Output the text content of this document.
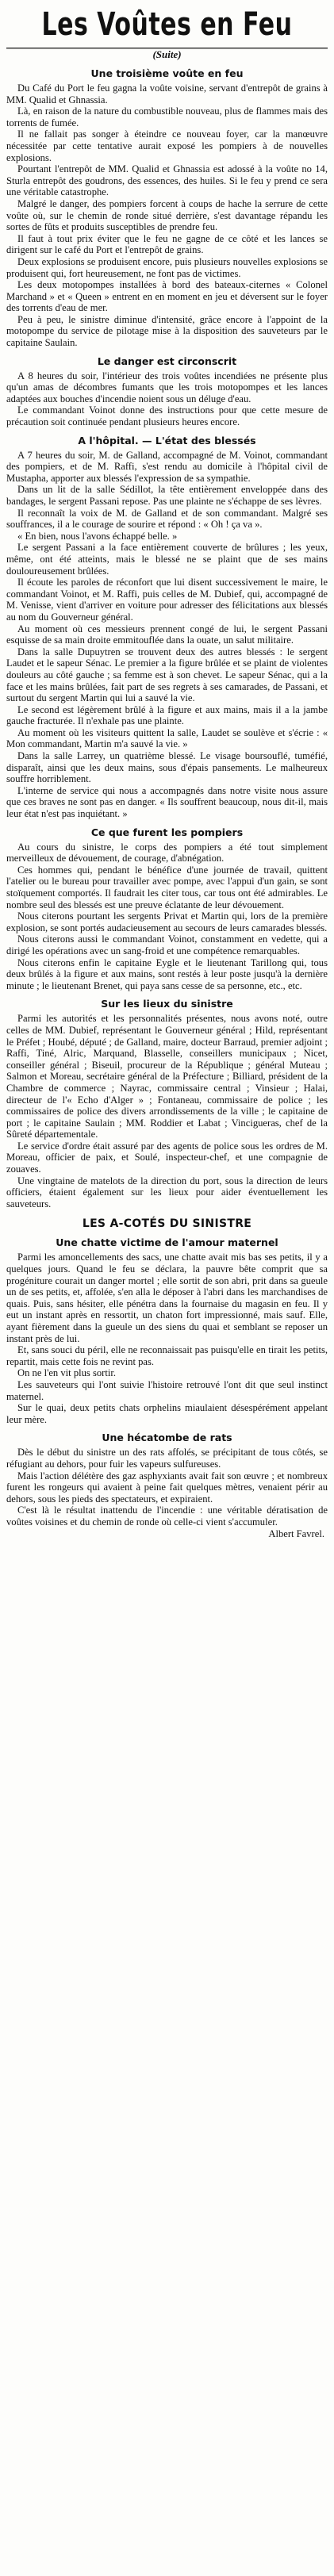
Les Voûtes en Feu
(Suite)
Une troisième voûte en feu

Du Café du Port le feu gagna la voûte voisine, servant d'entrepôt de grains à MM. Qualid et Ghnassia.

Là, en raison de la nature du combustible nouveau, plus de flammes mais des torrents de fumée.

Il ne fallait pas songer à éteindre ce nouveau foyer, car la manœuvre nécessitée par cette tentative aurait exposé les pompiers à de nouvelles explosions.

Pourtant l'entrepôt de MM. Qualid et Ghnassia est adossé à la voûte no 14, Sturla entrepôt des goudrons, des essences, des huiles. Si le feu y prend ce sera une véritable catastrophe.

Malgré le danger, des pompiers forcent à coups de hache la serrure de cette voûte où, sur le chemin de ronde situé derrière, s'est davantage répandu les sortes de fûts et produits susceptibles de prendre feu.

Il faut à tout prix éviter que le feu ne gagne de ce côté et les lances se dirigent sur le café du Port et l'entrepôt de grains.

Deux explosions se produisent encore, puis plusieurs nouvelles explosions se produisent qui, fort heureusement, ne font pas de victimes.

Les deux motopompes installées à bord des bateaux-citernes « Colonel Marchand » et « Queen » entrent en en moment en jeu et déversent sur le foyer des torrents d'eau de mer.

Peu à peu, le sinistre diminue d'intensité, grâce encore à l'appoint de la motopompe du service de pilotage mise à la disposition des sauveteurs par le capitaine Saulain.

Le danger est circonscrit

A 8 heures du soir, l'intérieur des trois voûtes incendiées ne présente plus qu'un amas de décombres fumants que les trois motopompes et les lances adaptées aux bouches d'incendie noient sous un déluge d'eau.

Le commandant Voinot donne des instructions pour que cette mesure de précaution soit continuée pendant plusieurs heures encore.

A l'hôpital. — L'état des blessés

A 7 heures du soir, M. de Galland, accompagné de M. Voinot, commandant des pompiers, et de M. Raffi, s'est rendu au domicile à l'hôpital civil de Mustapha, apporter aux blessés l'expression de sa sympathie.

Dans un lit de la salle Sédillot, la tête entièrement enveloppée dans des bandages, le sergent Passani repose. Pas une plainte ne s'échappe de ses lèvres.

Il reconnaît la voix de M. de Galland et de son commandant. Malgré ses souffrances, il a le courage de sourire et répond : « Oh ! ça va ».

« En bien, nous l'avons échappé belle. »

Le sergent Passani a la face entièrement couverte de brûlures ; les yeux, même, ont été atteints, mais le blessé ne se plaint que de ses mains douloureusement brûlées.

Il écoute les paroles de réconfort que lui disent successivement le maire, le commandant Voinot, et M. Raffi, puis celles de M. Dubief, qui, accompagné de M. Venisse, vient d'arriver en voiture pour adresser des félicitations aux blessés au nom du Gouverneur général.

Au moment où ces messieurs prennent congé de lui, le sergent Passani esquisse de sa main droite emmitouflée dans la ouate, un salut militaire.

Dans la salle Dupuytren se trouvent deux des autres blessés : le sergent Laudet et le sapeur Sénac. Le premier a la figure brûlée et se plaint de violentes douleurs au côté gauche ; sa femme est à son chevet. Le sapeur Sénac, qui a la face et les mains brûlées, fait part de ses regrets à ses camarades, de Passani, et surtout du sergent Martin qui lui a sauvé la vie.

Le second est légèrement brûlé à la figure et aux mains, mais il a la jambe gauche fracturée. Il n'exhale pas une plainte.

Au moment où les visiteurs quittent la salle, Laudet se soulève et s'écrie : « Mon commandant, Martin m'a sauvé la vie. »

Dans la salle Larrey, un quatrième blessé. Le visage boursouflé, tuméfié, disparaît, ainsi que les deux mains, sous d'épais pansements. Le malheureux souffre horriblement.

L'interne de service qui nous a accompagnés dans notre visite nous assure que ces braves ne sont pas en danger. « Ils souffrent beaucoup, nous dit-il, mais leur état n'est pas inquiétant. »

Ce que furent les pompiers

Au cours du sinistre, le corps des pompiers a été tout simplement merveilleux de dévouement, de courage, d'abnégation.

Ces hommes qui, pendant le bénéfice d'une journée de travail, quittent l'atelier ou le bureau pour travailler avec pompe, avec l'appui d'un gain, se sont stoïquement comportés. Il faudrait les citer tous, car tous ont été admirables. Le nombre seul des blessés est une preuve éclatante de leur dévouement.

Nous citerons pourtant les sergents Privat et Martin qui, lors de la première explosion, se sont portés audacieusement au secours de leurs camarades blessés.

Nous citerons aussi le commandant Voinot, constamment en vedette, qui a dirigé les opérations avec un sang-froid et une compétence remarquables.

Nous citerons enfin le capitaine Eygle et le lieutenant Tarillong qui, tous deux brûlés à la figure et aux mains, sont restés à leur poste jusqu'à la dernière minute ; le lieutenant Brenet, qui paya sans cesse de sa personne, etc., etc.

Sur les lieux du sinistre

Parmi les autorités et les personnalités présentes, nous avons noté, outre celles de MM. Dubief, représentant le Gouverneur général ; Hild, représentant le Préfet ; Houbé, député ; de Galland, maire, docteur Barraud, premier adjoint ; Raffi, Tiné, Alric, Marquand, Blasselle, conseillers municipaux ; Nicet, conseiller général ; Biseuil, procureur de la République ; général Muteau ; Salmon et Moreau, secrétaire général de la Préfecture ; Billiard, président de la Chambre de commerce ; Nayrac, commissaire central ; Vinsieur ; Halai, directeur de l'« Echo d'Alger » ; Fontaneau, commissaire de police ; les commissaires de police des divers arrondissements de la ville ; le capitaine de port ; le capitaine Saulain ; MM. Roddier et Labat ; Vincigueras, chef de la Sûreté départementale.

Le service d'ordre était assuré par des agents de police sous les ordres de M. Moreau, officier de paix, et Soulé, inspecteur-chef, et une compagnie de zouaves.

Une vingtaine de matelots de la direction du port, sous la direction de leurs officiers, étaient également sur les lieux pour aider éventuellement les sauveteurs.

LES A-COTÉS DU SINISTRE
Une chatte victime de l'amour maternel

Parmi les amoncellements des sacs, une chatte avait mis bas ses petits, il y a quelques jours. Quand le feu se déclara, la pauvre bête comprit que sa progéniture courait un danger mortel ; elle sortit de son abri, prit dans sa gueule un de ses petits, et, affolée, s'en alla le déposer à l'abri dans les marchandises de quais. Puis, sans hésiter, elle pénétra dans la fournaise du magasin en feu. Il y eut un instant après en ressortit, un chaton fort impressionné, mais sauf. Elle, ayant fièrement dans la gueule un des siens du quai et semblant se reposer un instant près de lui.

Et, sans souci du péril, elle ne reconnaissait pas puisqu'elle en tirait les petits, repartit, mais cette fois ne revint pas.

On ne l'en vit plus sortir.

Les sauveteurs qui l'ont suivie l'histoire retrouvé l'ont dit que seul instinct maternel.

Sur le quai, deux petits chats orphelins miaulaient désespérément appelant leur mère.

Une hécatombe de rats

Dès le début du sinistre un des rats affolés, se précipitant de tous côtés, se réfugiant au dehors, pour fuir les vapeurs sulfureuses.

Mais l'action délétère des gaz asphyxiants avait fait son œuvre ; et nombreux furent les rongeurs qui avaient à peine fait quelques mètres, venaient périr au dehors, sous les pieds des spectateurs, et expiraient.

C'est là le résultat inattendu de l'incendie : une véritable dératisation de voûtes voisines et du chemin de ronde où celle-ci vient s'accumuler.

Albert Favrel.
